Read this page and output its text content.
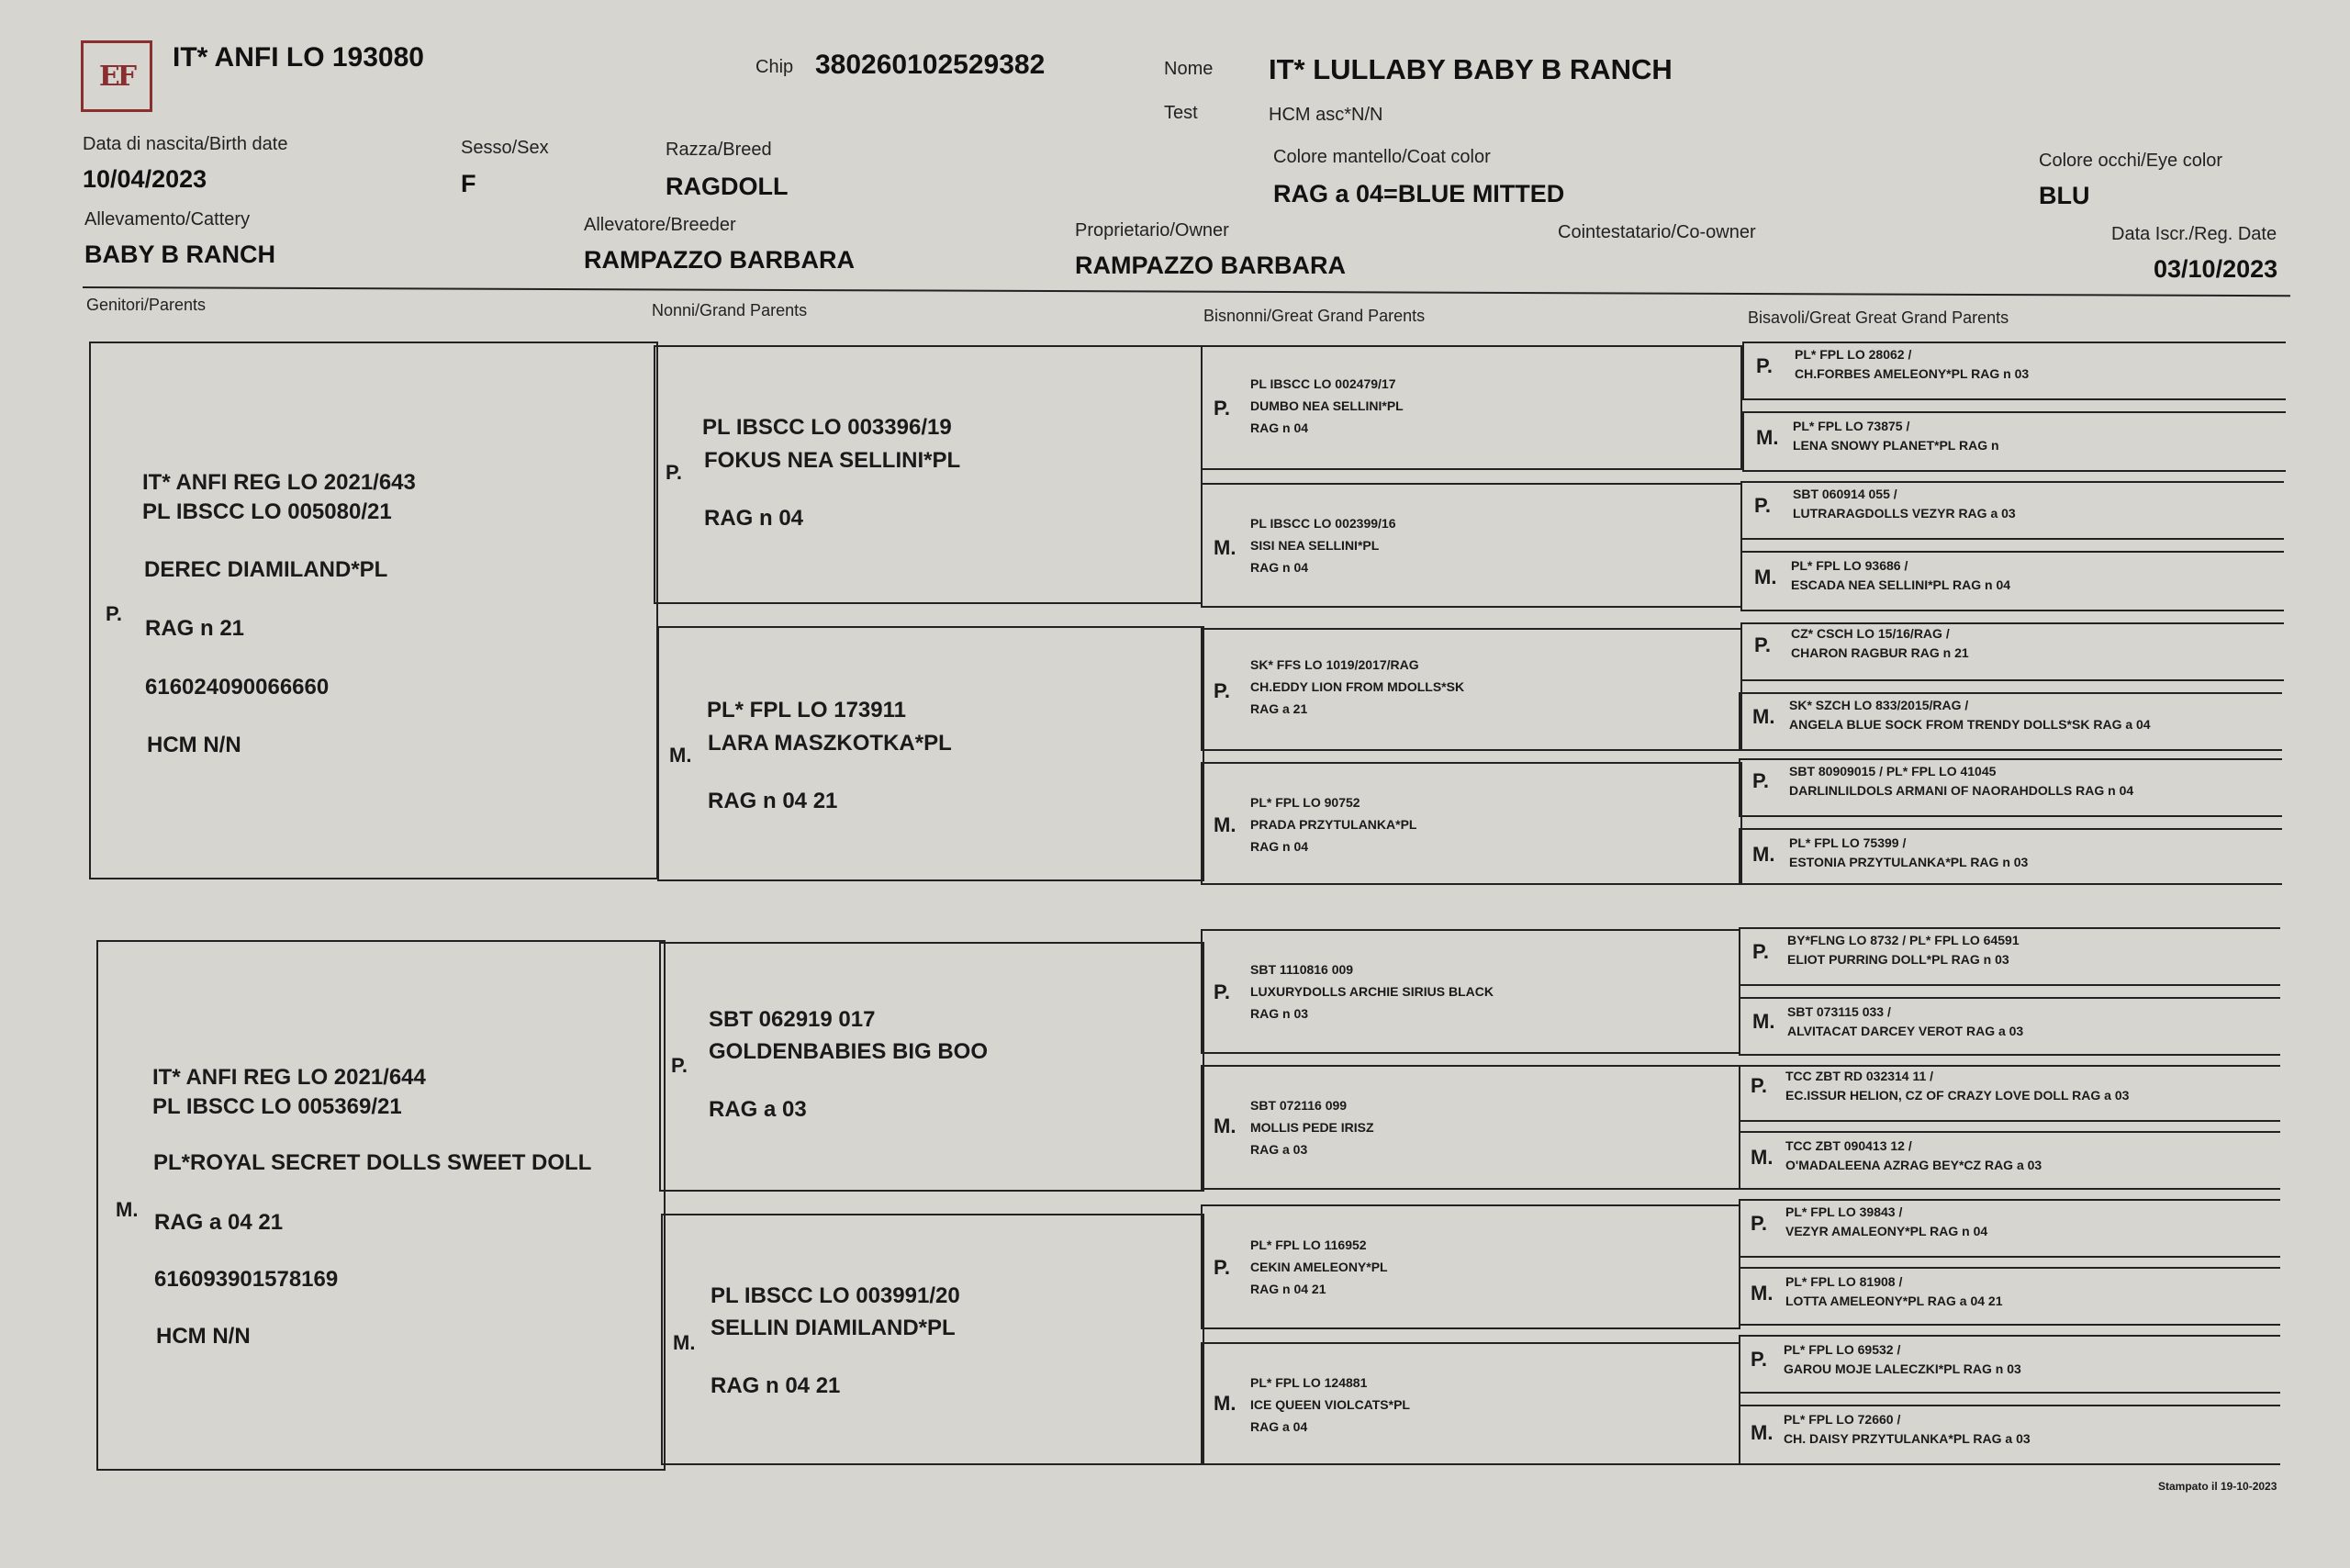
EF
IT* ANFI LO 193080	Chip 380260102529382	Nome IT* LULLABY BABY B RANCH
Test	HCM asc*N/N
Data di nascita/Birth date
10/04/2023
Sesso/Sex
F
Razza/Breed
RAGDOLL
Colore mantello/Coat color
RAG a 04=BLUE MITTED
Colore occhi/Eye color
BLU
Allevamento/Cattery
BABY B RANCH
Allevatore/Breeder
RAMPAZZO BARBARA
Proprietario/Owner
RAMPAZZO BARBARA
Cointestatario/Co-owner	Data Iscr./Reg. Date
03/10/2023
Genitori/Parents	Nonni/Grand Parents	Bisnonni/Great Grand Parents	Bisavoli/Great Great Grand Parents
P.
IT* ANFI REG LO 2021/643
PL IBSCC LO 005080/21
DEREC DIAMILAND*PL
RAG n 21
616024090066660
HCM N/N
M.
IT* ANFI REG LO 2021/644
PL IBSCC LO 005369/21
PL*ROYAL SECRET DOLLS SWEET DOLL
RAG a 04 21
616093901578169
HCM N/N
P.
PL IBSCC LO 003396/19
FOKUS NEA SELLINI*PL
RAG n 04
M.
PL* FPL LO 173911
LARA MASZKOTKA*PL
RAG n 04 21
P.
SBT 062919 017
GOLDENBABIES BIG BOO
RAG a 03
M.
PL IBSCC LO 003991/20
SELLIN DIAMILAND*PL
RAG n 04 21
P.
PL IBSCC LO 002479/17
DUMBO NEA SELLINI*PL
RAG n 04
M.
PL IBSCC LO 002399/16
SISI NEA SELLINI*PL
RAG n 04
P.
SK* FFS LO 1019/2017/RAG
CH.EDDY LION FROM MDOLLS*SK
RAG a 21
M.
PL* FPL LO 90752
PRADA PRZYTULANKA*PL
RAG n 04
P.
SBT 1110816 009
LUXURYDOLLS ARCHIE SIRIUS BLACK
RAG n 03
M.
SBT 072116 099
MOLLIS PEDE IRISZ
RAG a 03
P.
PL* FPL LO 116952
CEKIN AMELEONY*PL
RAG n 04 21
M.
PL* FPL LO 124881
ICE QUEEN VIOLCATS*PL
RAG a 04
P. PL* FPL LO 28062 /
CH.FORBES AMELEONY*PL RAG n 03
M. PL* FPL LO 73875 /
LENA SNOWY PLANET*PL RAG n
P. SBT 060914 055 /
LUTRARAGDOLLS VEZYR RAG a 03
M. PL* FPL LO 93686 /
ESCADA NEA SELLINI*PL RAG n 04
P. CZ* CSCH LO 15/16/RAG /
CHARON RAGBUR RAG n 21
M. SK* SZCH LO 833/2015/RAG /
ANGELA BLUE SOCK FROM TRENDY DOLLS*SK RAG a 04
P. SBT 80909015 / PL* FPL LO 41045
DARLINLILDOLS ARMANI OF NAORAHDOLLS RAG n 04
M. PL* FPL LO 75399 /
ESTONIA PRZYTULANKA*PL RAG n 03
P. BY*FLNG LO 8732 / PL* FPL LO 64591
ELIOT PURRING DOLL*PL RAG n 03
M. SBT 073115 033 /
ALVITACAT DARCEY VEROT RAG a 03
P. TCC ZBT RD 032314 11 /
EC.ISSUR HELION, CZ OF CRAZY LOVE DOLL RAG a 03
M. TCC ZBT 090413 12 /
O'MADALEENA AZRAG BEY*CZ RAG a 03
P. PL* FPL LO 39843 /
VEZYR AMALEONY*PL RAG n 04
M. PL* FPL LO 81908 /
LOTTA AMELEONY*PL RAG a 04 21
P. PL* FPL LO 69532 /
GAROU MOJE LALECZKI*PL RAG n 03
M.
PL* FPL LO 72660 /
CH. DAISY PRZYTULANKA*PL RAG a 03
Stampato il 19-10-2023
